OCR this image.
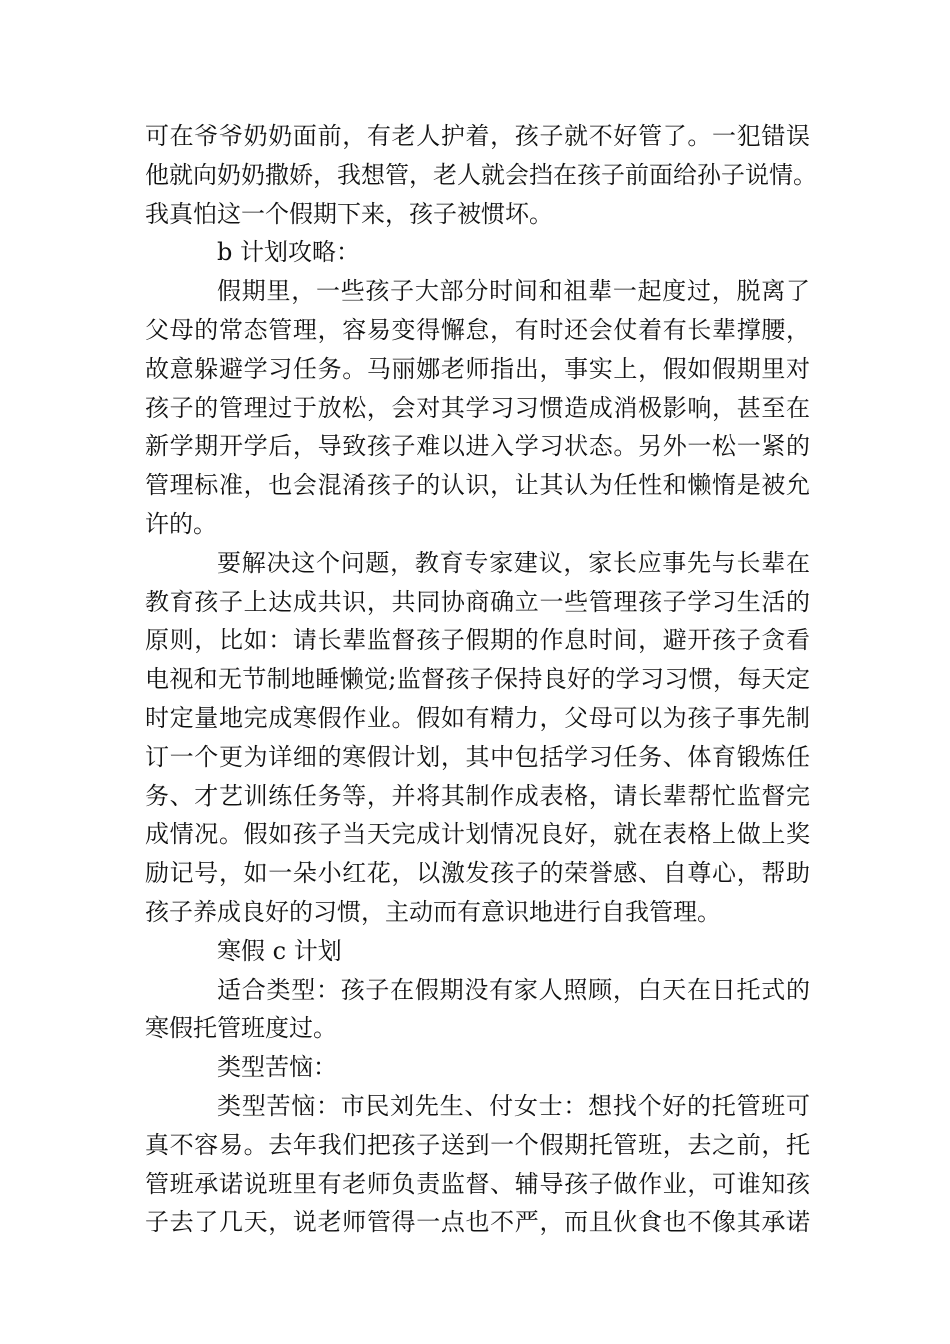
可在爷爷奶奶面前，有老人护着，孩子就不好管了。一犯错误
他就向奶奶撒娇，我想管，老人就会挡在孩子前面给孙子说情。
我真怕这一个假期下来，孩子被惯坏。
b 计划攻略：
假期里，一些孩子大部分时间和祖辈一起度过，脱离了
父母的常态管理，容易变得懈怠，有时还会仗着有长辈撑腰，
故意躲避学习任务。马丽娜老师指出，事实上，假如假期里对
孩子的管理过于放松，会对其学习习惯造成消极影响，甚至在
新学期开学后，导致孩子难以进入学习状态。另外一松一紧的
管理标准，也会混淆孩子的认识，让其认为任性和懒惰是被允
许的。
要解决这个问题，教育专家建议，家长应事先与长辈在
教育孩子上达成共识，共同协商确立一些管理孩子学习生活的
原则，比如：请长辈监督孩子假期的作息时间，避开孩子贪看
电视和无节制地睡懒觉;监督孩子保持良好的学习习惯，每天定
时定量地完成寒假作业。假如有精力，父母可以为孩子事先制
订一个更为详细的寒假计划，其中包括学习任务、体育锻炼任
务、才艺训练任务等，并将其制作成表格，请长辈帮忙监督完
成情况。假如孩子当天完成计划情况良好，就在表格上做上奖
励记号，如一朵小红花，以激发孩子的荣誉感、自尊心，帮助
孩子养成良好的习惯，主动而有意识地进行自我管理。
寒假 c 计划
适合类型：孩子在假期没有家人照顾，白天在日托式的
寒假托管班度过。
类型苦恼：
类型苦恼：市民刘先生、付女士：想找个好的托管班可
真不容易。去年我们把孩子送到一个假期托管班，去之前，托
管班承诺说班里有老师负责监督、辅导孩子做作业，可谁知孩
子去了几天，说老师管得一点也不严，而且伙食也不像其承诺
